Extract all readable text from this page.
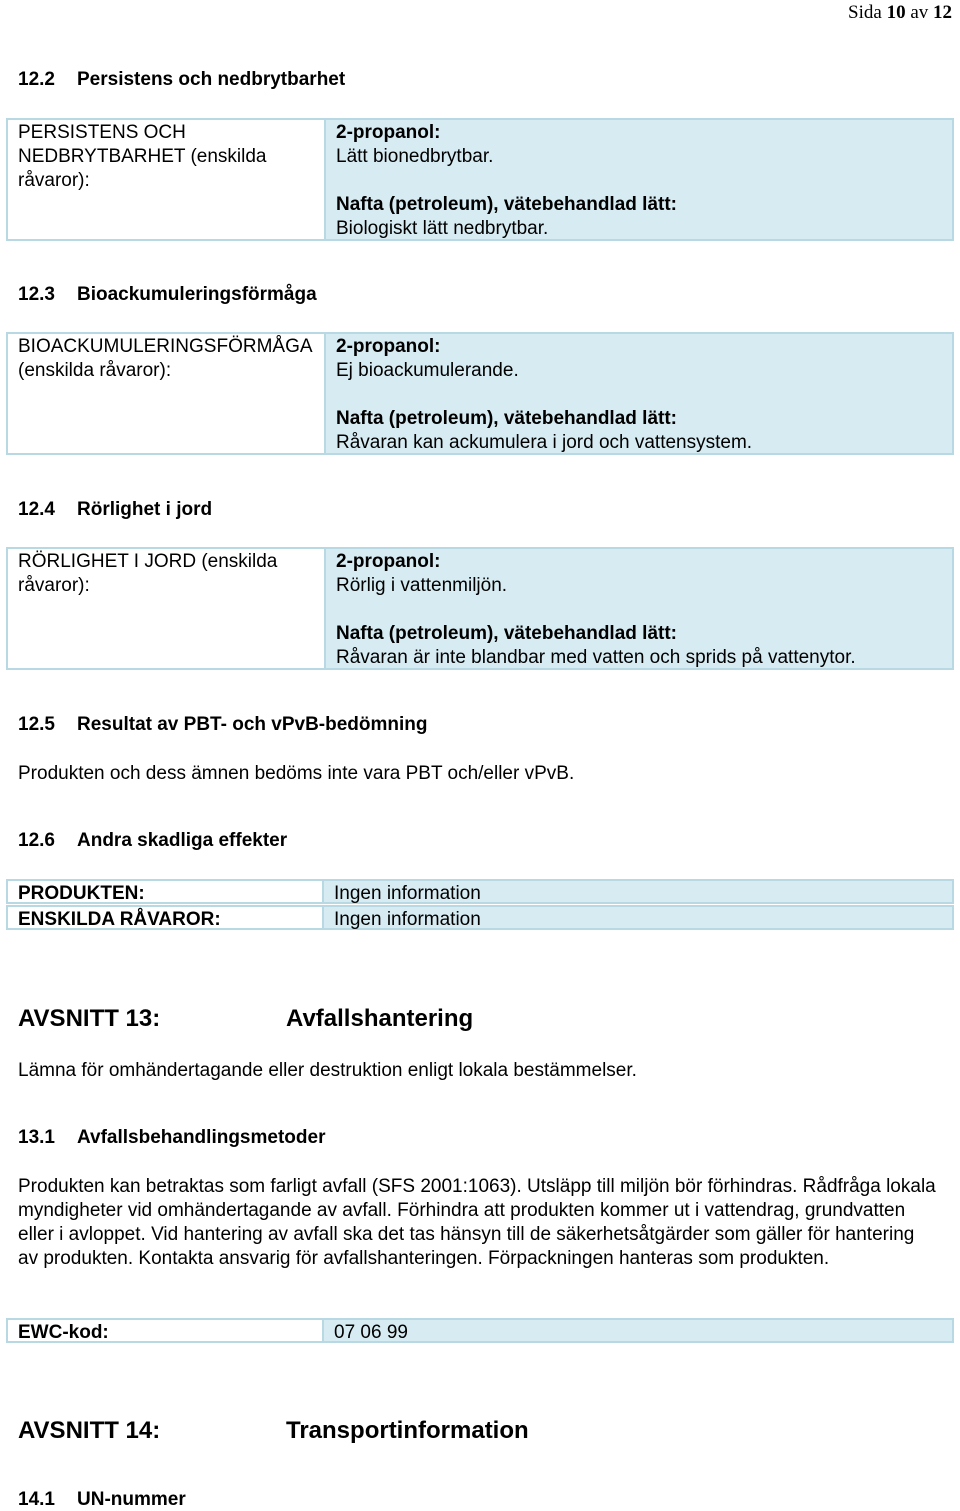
Sida 10 av 12
12.2 Persistens och nedbrytbarhet
PERSISTENS OCH NEDBRYTBARHET (enskilda råvaror):
2-propanol:
Lätt bionedbrytbar.
Nafta (petroleum), vätebehandlad lätt:
Biologiskt lätt nedbrytbar.
12.3 Bioackumuleringsförmåga
BIOACKUMULERINGSFÖRMÅGA (enskilda råvaror):
2-propanol:
Ej bioackumulerande.
Nafta (petroleum), vätebehandlad lätt:
Råvaran kan ackumulera i jord och vattensystem.
12.4 Rörlighet i jord
RÖRLIGHET I JORD (enskilda råvaror):
2-propanol:
Rörlig i vattenmiljön.
Nafta (petroleum), vätebehandlad lätt:
Råvaran är inte blandbar med vatten och sprids på vattenytor.
12.5 Resultat av PBT- och vPvB-bedömning
Produkten och dess ämnen bedöms inte vara PBT och/eller vPvB.
12.6 Andra skadliga effekter
PRODUKTEN:	Ingen information
ENSKILDA RÅVAROR:	Ingen information
AVSNITT 13:	Avfallshantering
Lämna för omhändertagande eller destruktion enligt lokala bestämmelser.
13.1 Avfallsbehandlingsmetoder
Produkten kan betraktas som farligt avfall (SFS 2001:1063). Utsläpp till miljön bör förhindras. Rådfråga lokala myndigheter vid omhändertagande av avfall. Förhindra att produkten kommer ut i vattendrag, grundvatten eller i avloppet. Vid hantering av avfall ska det tas hänsyn till de säkerhetsåtgärder som gäller för hantering av produkten. Kontakta ansvarig för avfallshanteringen. Förpackningen hanteras som produkten.
EWC-kod:	07 06 99
AVSNITT 14:	Transportinformation
14.1 UN-nummer
